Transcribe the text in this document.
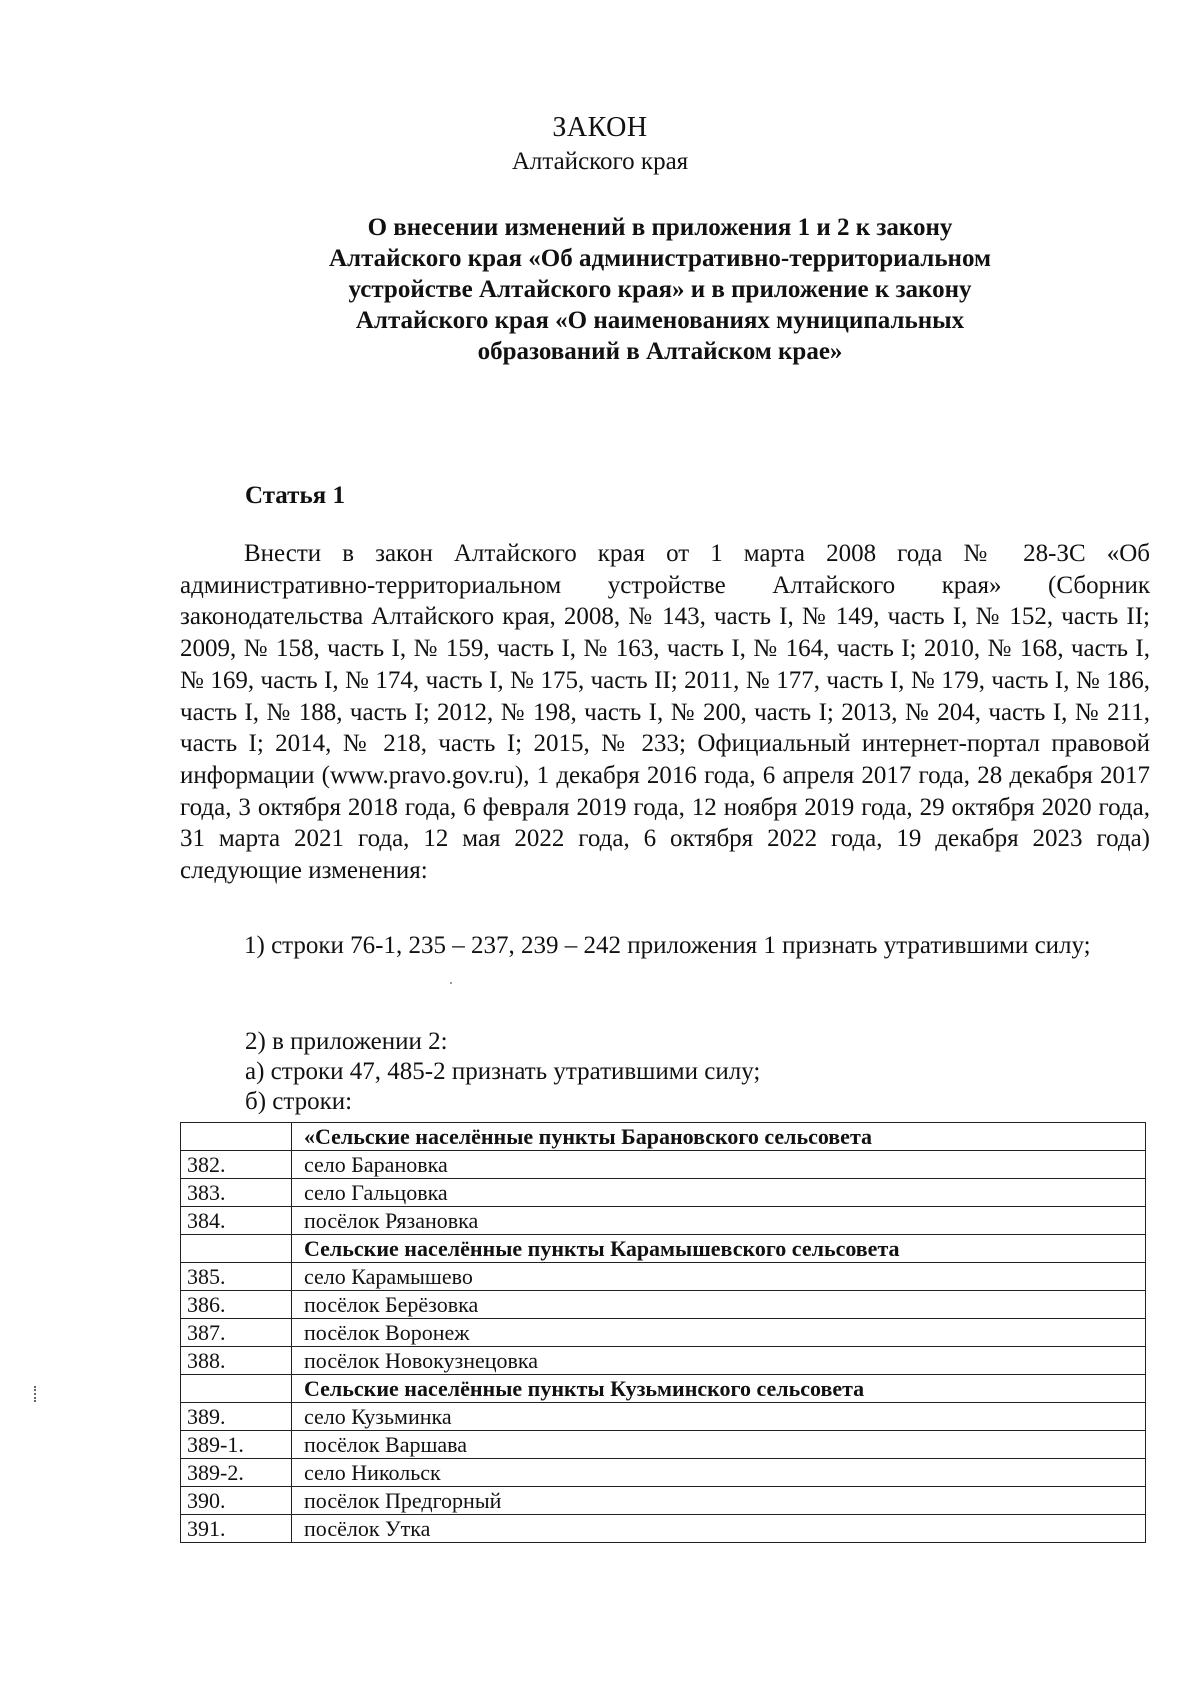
ЗАКОН
Алтайского края
О внесении изменений в приложения 1 и 2 к закону
Алтайского края «Об административно-территориальном
устройстве Алтайского края» и в приложение к закону
Алтайского края «О наименованиях муниципальных
образований в Алтайском крае»
Статья 1
Внести в закон Алтайского края от 1 марта 2008 года № 28-ЗС «Об административно-территориальном устройстве Алтайского края» (Сборник законодательства Алтайского края, 2008, № 143, часть I, № 149, часть I, № 152, часть II; 2009, № 158, часть I, № 159, часть I, № 163, часть I, № 164, часть I; 2010, № 168, часть I, № 169, часть I, № 174, часть I, № 175, часть II; 2011, № 177, часть I, № 179, часть I, № 186, часть I, № 188, часть I; 2012, № 198, часть I, № 200, часть I; 2013, № 204, часть I, № 211, часть I; 2014, № 218, часть I; 2015, № 233; Официальный интернет-портал правовой информации (www.pravo.gov.ru), 1 декабря 2016 года, 6 апреля 2017 года, 28 декабря 2017 года, 3 октября 2018 года, 6 февраля 2019 года, 12 ноября 2019 года, 29 октября 2020 года, 31 марта 2021 года, 12 мая 2022 года, 6 октября 2022 года, 19 декабря 2023 года) следующие изменения:
1) строки 76-1, 235 – 237, 239 – 242 приложения 1 признать утратившими силу;
2) в приложении 2:
а) строки 47, 485-2 признать утратившими силу;
б) строки:
	«Сельские населённые пункты Барановского сельсовета
382.	село Барановка
383.	село Гальцовка
384.	посёлок Рязановка
	Сельские населённые пункты Карамышевского сельсовета
385.	село Карамышево
386.	посёлок Берёзовка
387.	посёлок Воронеж
388.	посёлок Новокузнецовка
	Сельские населённые пункты Кузьминского сельсовета
389.	село Кузьминка
389-1.	посёлок Варшава
389-2.	село Никольск
390.	посёлок Предгорный
391.	посёлок Утка
